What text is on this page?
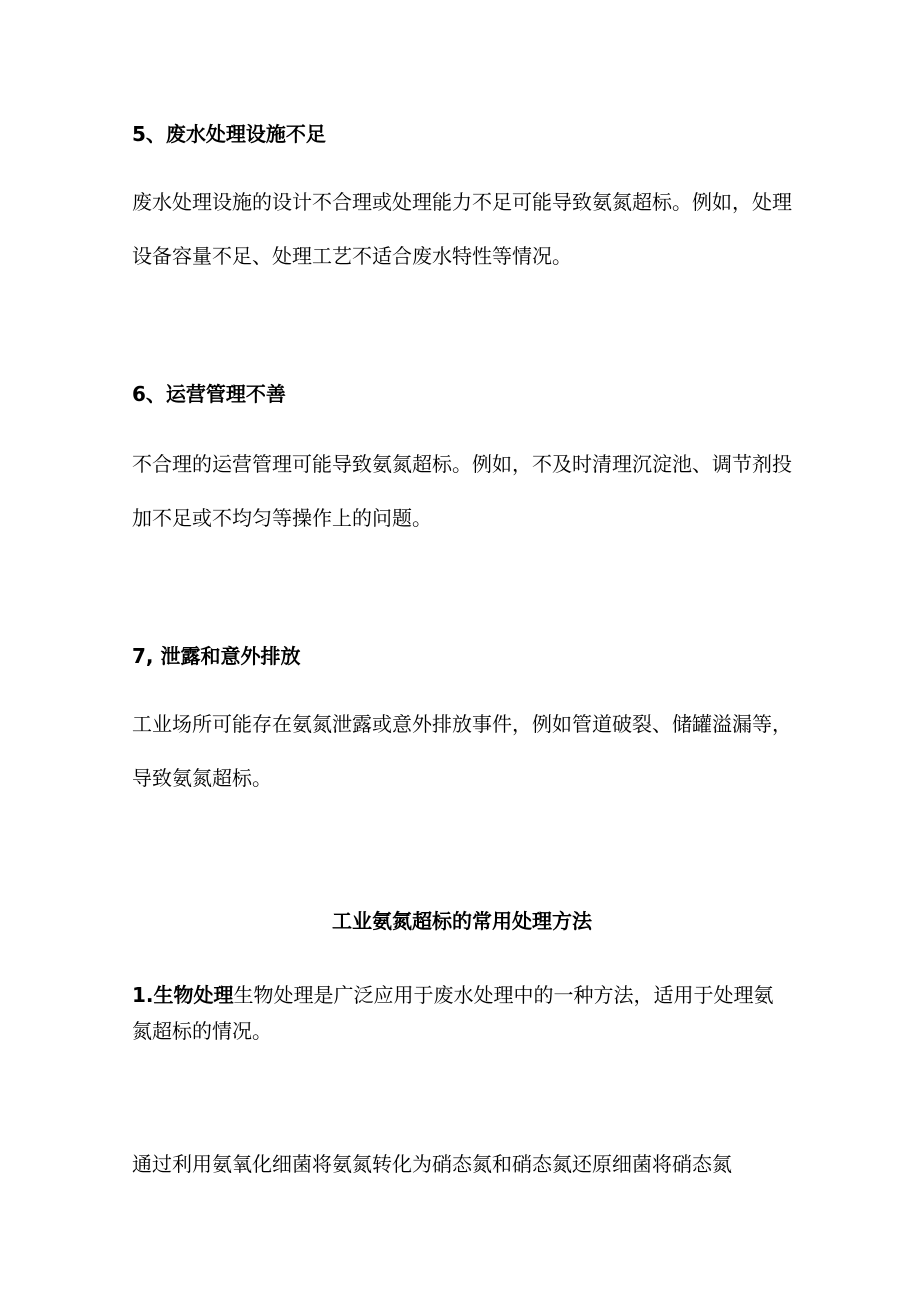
5、废水处理设施不足
废水处理设施的设计不合理或处理能力不足可能导致氨氮超标。例如，处理设备容量不足、处理工艺不适合废水特性等情况。
6、运营管理不善
不合理的运营管理可能导致氨氮超标。例如，不及时清理沉淀池、调节剂投加不足或不均匀等操作上的问题。
7, 泄露和意外排放
工业场所可能存在氨氮泄露或意外排放事件，例如管道破裂、储罐溢漏等，导致氨氮超标。
工业氨氮超标的常用处理方法
1.生物处理生物处理是广泛应用于废水处理中的一种方法，适用于处理氨氮超标的情况。
通过利用氨氧化细菌将氨氮转化为硝态氮和硝态氮还原细菌将硝态氮
